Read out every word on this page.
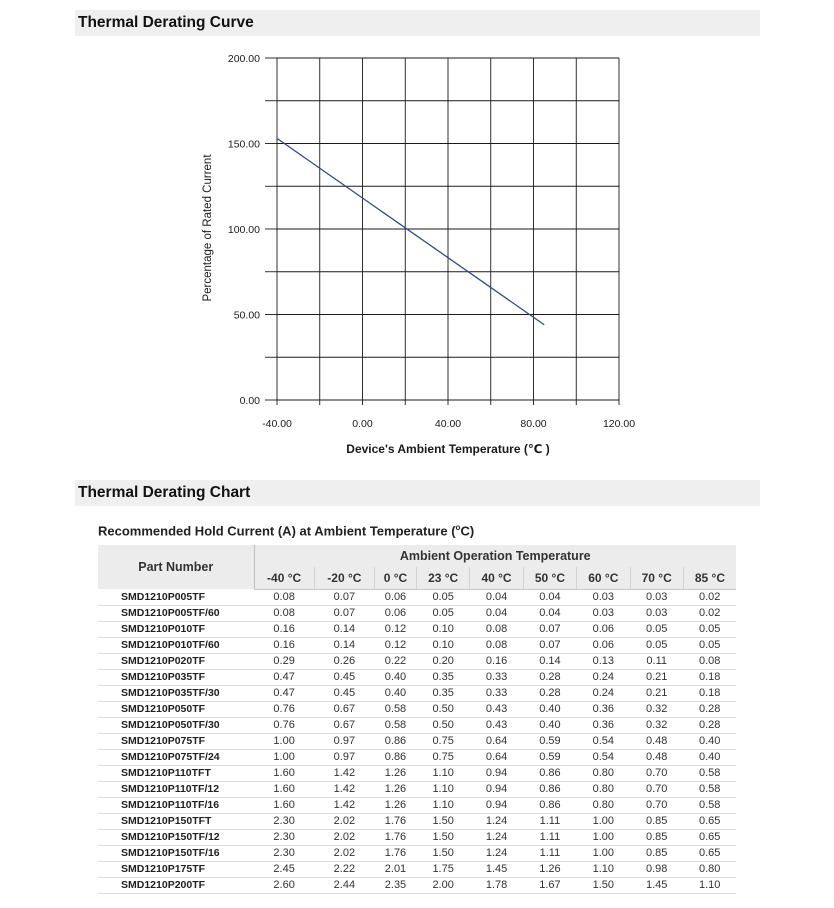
Thermal Derating Curve
-40.00	0.00	40.00	80.00	120.00
200.00
150.00
100.00
50.00
0.00
Device's Ambient Temperature (℃ )
Percentage of Rated Current
Thermal Derating Chart
Recommended Hold Current (A) at Ambient Temperature ($^o$C)
Part Number	Ambient Operation Temperature								
	-40 °C	-20 °C	0 °C	23 °C	40 °C	50 °C	60 °C	70 °C	85 °C
SMD1210P005TF	0.08	0.07	0.06	0.05	0.04	0.04	0.03	0.03	0.02
SMD1210P005TF/60	0.08	0.07	0.06	0.05	0.04	0.04	0.03	0.03	0.02
SMD1210P010TF	0.16	0.14	0.12	0.10	0.08	0.07	0.06	0.05	0.05
SMD1210P010TF/60	0.16	0.14	0.12	0.10	0.08	0.07	0.06	0.05	0.05
SMD1210P020TF	0.29	0.26	0.22	0.20	0.16	0.14	0.13	0.11	0.08
SMD1210P035TF	0.47	0.45	0.40	0.35	0.33	0.28	0.24	0.21	0.18
SMD1210P035TF/30	0.47	0.45	0.40	0.35	0.33	0.28	0.24	0.21	0.18
SMD1210P050TF	0.76	0.67	0.58	0.50	0.43	0.40	0.36	0.32	0.28
SMD1210P050TF/30	0.76	0.67	0.58	0.50	0.43	0.40	0.36	0.32	0.28
SMD1210P075TF	1.00	0.97	0.86	0.75	0.64	0.59	0.54	0.48	0.40
SMD1210P075TF/24	1.00	0.97	0.86	0.75	0.64	0.59	0.54	0.48	0.40
SMD1210P110TFT	1.60	1.42	1.26	1.10	0.94	0.86	0.80	0.70	0.58
SMD1210P110TF/12	1.60	1.42	1.26	1.10	0.94	0.86	0.80	0.70	0.58
SMD1210P110TF/16	1.60	1.42	1.26	1.10	0.94	0.86	0.80	0.70	0.58
SMD1210P150TFT	2.30	2.02	1.76	1.50	1.24	1.11	1.00	0.85	0.65
SMD1210P150TF/12	2.30	2.02	1.76	1.50	1.24	1.11	1.00	0.85	0.65
SMD1210P150TF/16	2.30	2.02	1.76	1.50	1.24	1.11	1.00	0.85	0.65
SMD1210P175TF	2.45	2.22	2.01	1.75	1.45	1.26	1.10	0.98	0.80
SMD1210P200TF	2.60	2.44	2.35	2.00	1.78	1.67	1.50	1.45	1.10
